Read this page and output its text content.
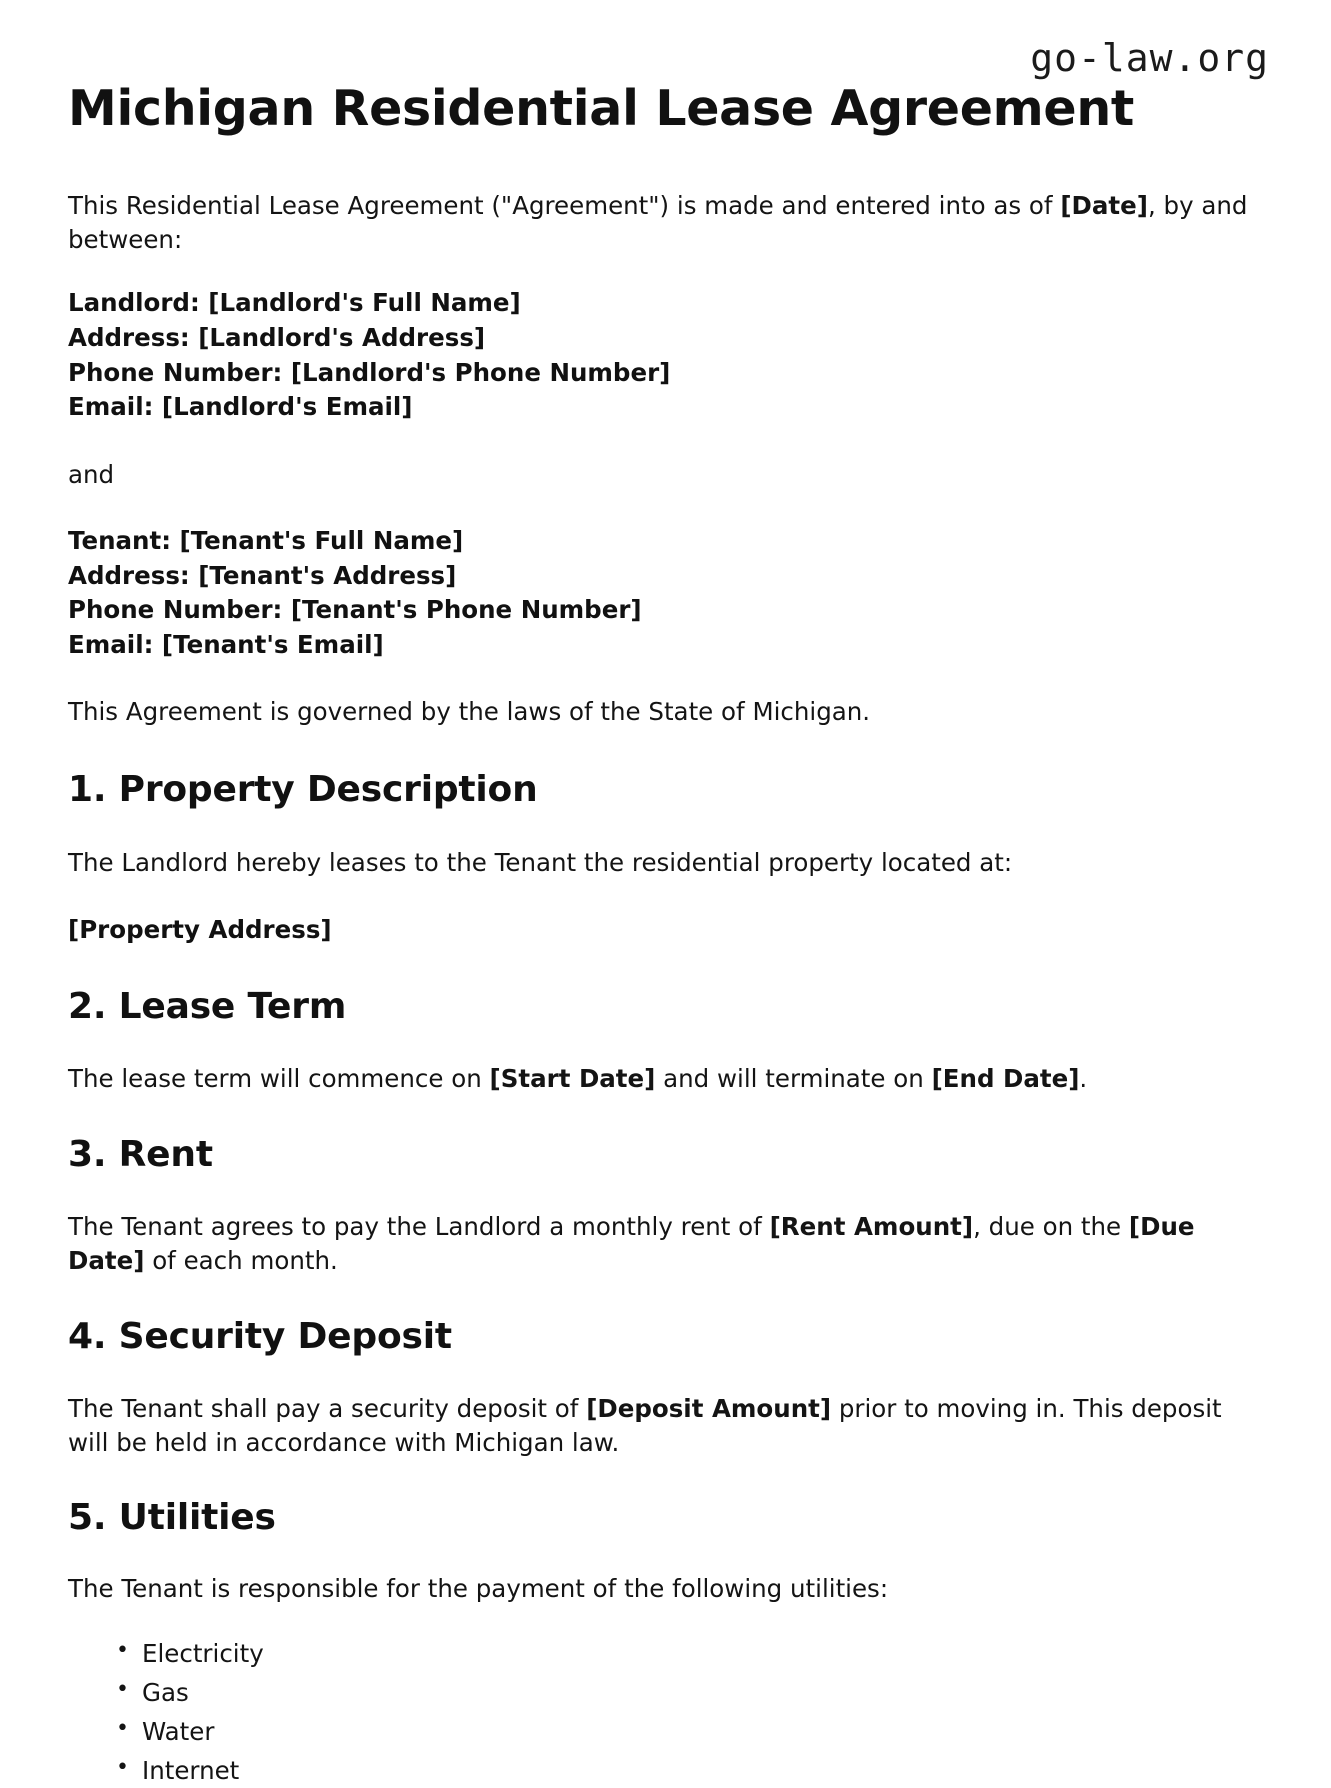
go-law.org
Michigan Residential Lease Agreement

This Residential Lease Agreement ("Agreement") is made and entered into as of [Date], by and between:

Landlord: [Landlord's Full Name]

Address: [Landlord's Address]

Phone Number: [Landlord's Phone Number]

Email: [Landlord's Email]

and

Tenant: [Tenant's Full Name]

Address: [Tenant's Address]

Phone Number: [Tenant's Phone Number]

Email: [Tenant's Email]

This Agreement is governed by the laws of the State of Michigan.

1. Property Description

The Landlord hereby leases to the Tenant the residential property located at:

[Property Address]

2. Lease Term

The lease term will commence on [Start Date] and will terminate on [End Date].

3. Rent

The Tenant agrees to pay the Landlord a monthly rent of [Rent Amount], due on the [Due Date] of each month.

4. Security Deposit

The Tenant shall pay a security deposit of [Deposit Amount] prior to moving in. This deposit will be held in accordance with Michigan law.

5. Utilities

The Tenant is responsible for the payment of the following utilities:

• Electricity
• Gas
• Water
• Internet
